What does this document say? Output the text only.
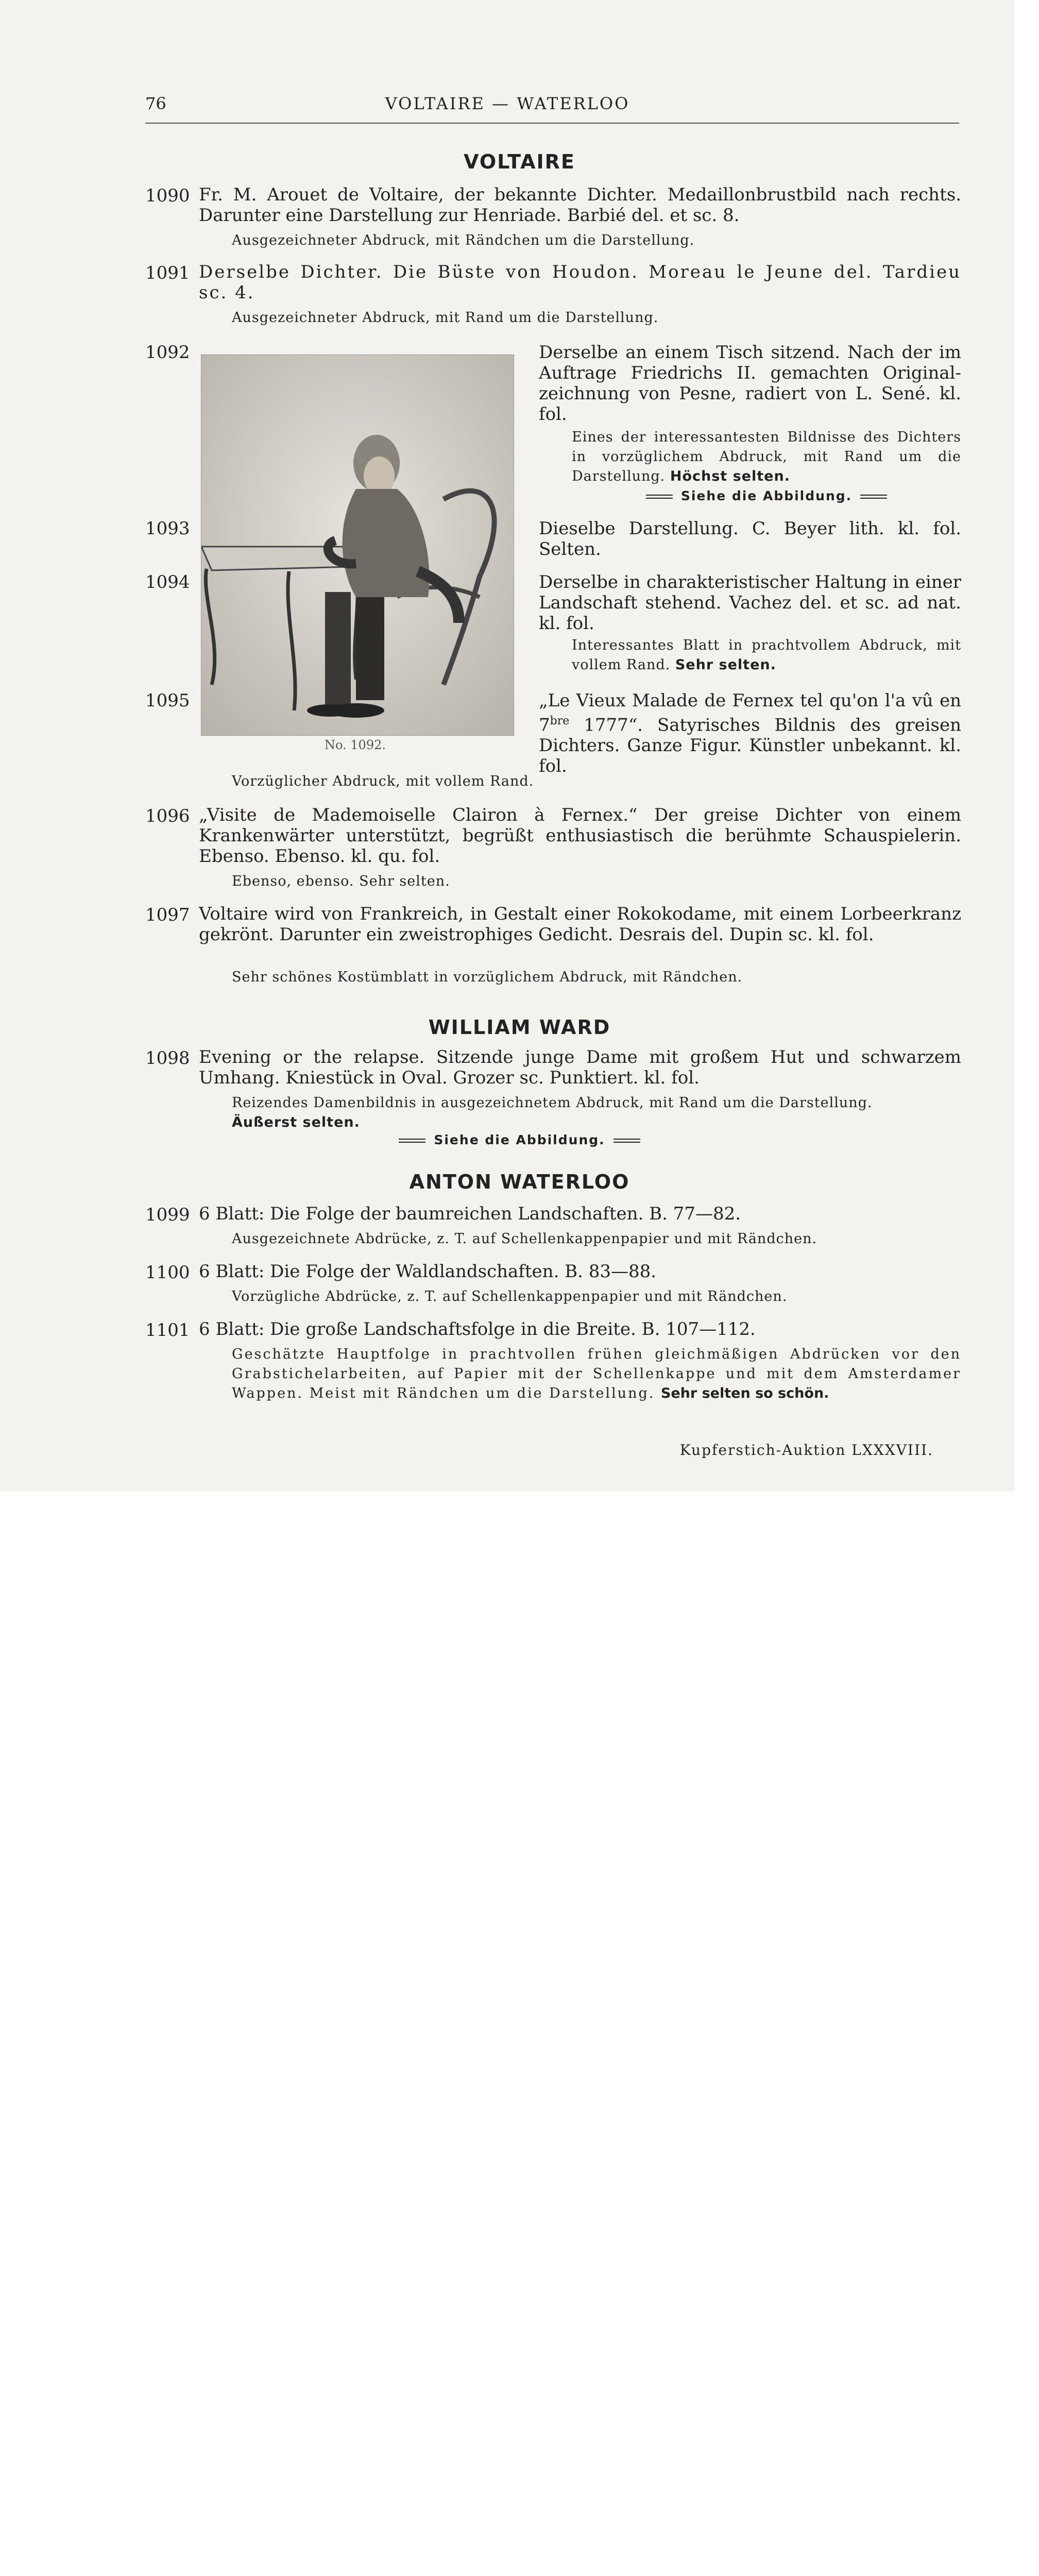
76	VOLTAIRE — WATERLOO
VOLTAIRE
1090 Fr. M. Arouet de Voltaire, der bekannte Dichter. Medaillonbrustbild nach rechts. Darunter eine Darstellung zur Henriade. Barbié del. et sc. 8.
Ausgezeichneter Abdruck, mit Rändchen um die Darstellung.
1091 Derselbe Dichter. Die Büste von Houdon. Moreau le Jeune del. Tardieu sc. 4.
Ausgezeichneter Abdruck, mit Rand um die Darstellung.
No. 1092.
1092	Derselbe an einem Tisch sitzend. Nach der im Auftrage Friedrichs II. gemachten Originalzeichnung von Pesne, radiert von L. Sené. kl. fol.
Eines der interessantesten Bildnisse des Dichters in vorzüglichem Abdruck, mit Rand um die Darstellung. Höchst selten.
Siehe die Abbildung.
1093	Dieselbe Darstellung. C. Beyer lith. kl. fol. Selten.
1094	Derselbe in charakteristischer Haltung in einer Landschaft stehend. Vachez del. et sc. ad nat. kl. fol.
Interessantes Blatt in prachtvollem Abdruck, mit vollem Rand. Sehr selten.
1095	„Le Vieux Malade de Fernex tel qu'on l'a vû en $7^{bre}$ 1777“. Satyrisches Bildnis des greisen Dichters. Ganze Figur. Künstler unbekannt. kl. fol.
Vorzüglicher Abdruck, mit vollem Rand.
1096 „Visite de Mademoiselle Clairon à Fernex.“ Der greise Dichter von einem Krankenwärter unterstützt, begrüßt enthusiastisch die berühmte Schauspielerin. Ebenso. Ebenso. kl. qu. fol.
Ebenso, ebenso. Sehr selten.
1097 Voltaire wird von Frankreich, in Gestalt einer Rokokodame, mit einem Lorbeerkranz gekrönt. Darunter ein zweistrophiges Gedicht. Desrais del. Dupin sc. kl. fol.
Sehr schönes Kostümblatt in vorzüglichem Abdruck, mit Rändchen.
WILLIAM WARD
1098 Evening or the relapse. Sitzende junge Dame mit großem Hut und schwarzem Umhang. Kniestück in Oval. Grozer sc. Punktiert. kl. fol.
Reizendes Damenbildnis in ausgezeichnetem Abdruck, mit Rand um die Darstellung.
Äußerst selten.
Siehe die Abbildung.
ANTON WATERLOO
1099 6 Blatt: Die Folge der baumreichen Landschaften. B. 77—82.
Ausgezeichnete Abdrücke, z. T. auf Schellenkappenpapier und mit Rändchen.
1100 6 Blatt: Die Folge der Waldlandschaften. B. 83—88.
Vorzügliche Abdrücke, z. T. auf Schellenkappenpapier und mit Rändchen.
1101 6 Blatt: Die große Landschaftsfolge in die Breite. B. 107—112.
Geschätzte Hauptfolge in prachtvollen frühen gleichmäßigen Abdrücken vor den Grabstichelarbeiten, auf Papier mit der Schellenkappe und mit dem Amsterdamer Wappen. Meist mit Rändchen um die Darstellung. Sehr selten so schön.
Kupferstich-Auktion LXXXVIII.
